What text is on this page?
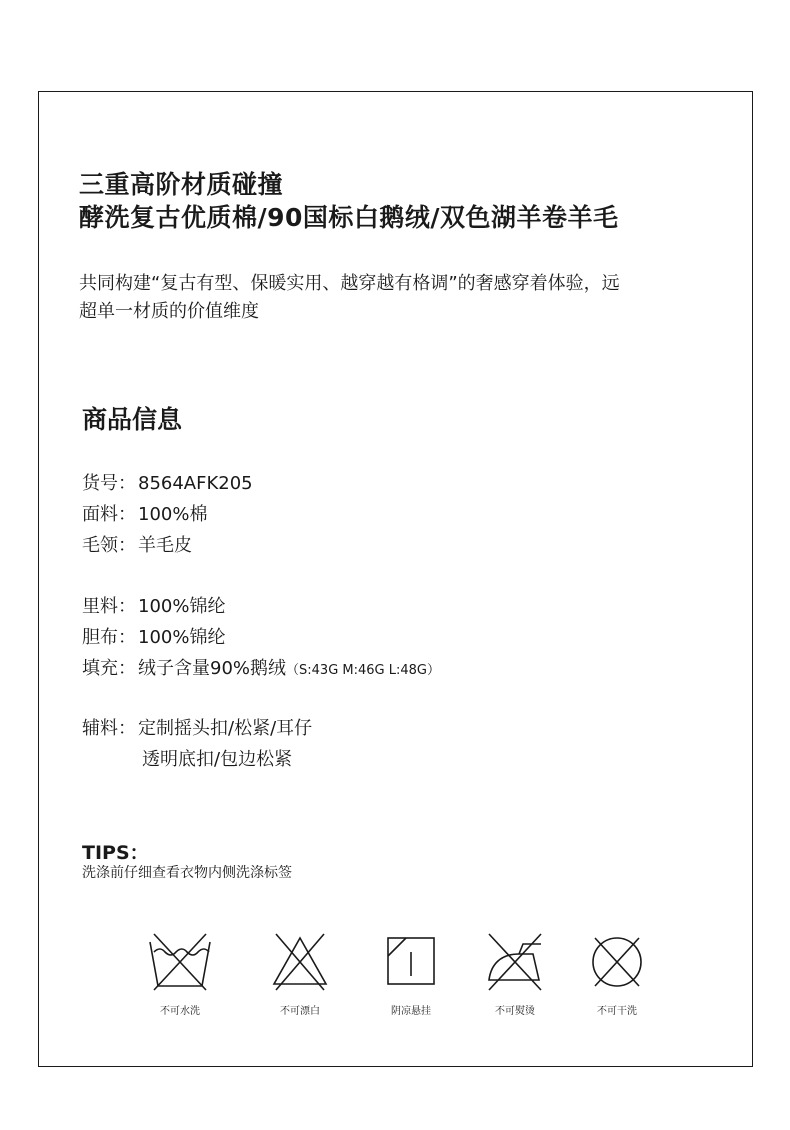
三重高阶材质碰撞
酵洗复古优质棉/90国标白鹅绒/双色湖羊卷羊毛
共同构建“复古有型、保暖实用、越穿越有格调”的奢感穿着体验，远
超单一材质的价值维度
商品信息
货号： 8564AFK205
面料： 100%棉
毛领： 羊毛皮
里料： 100%锦纶
胆布： 100%锦纶
填充： 绒子含量90%鹅绒（S:43G M:46G L:48G）
辅料： 定制摇头扣/松紧/耳仔
透明底扣/包边松紧
TIPS：
洗涤前仔细查看衣物内侧洗涤标签
不可水洗	不可漂白	阴凉悬挂	不可熨烫	不可干洗
